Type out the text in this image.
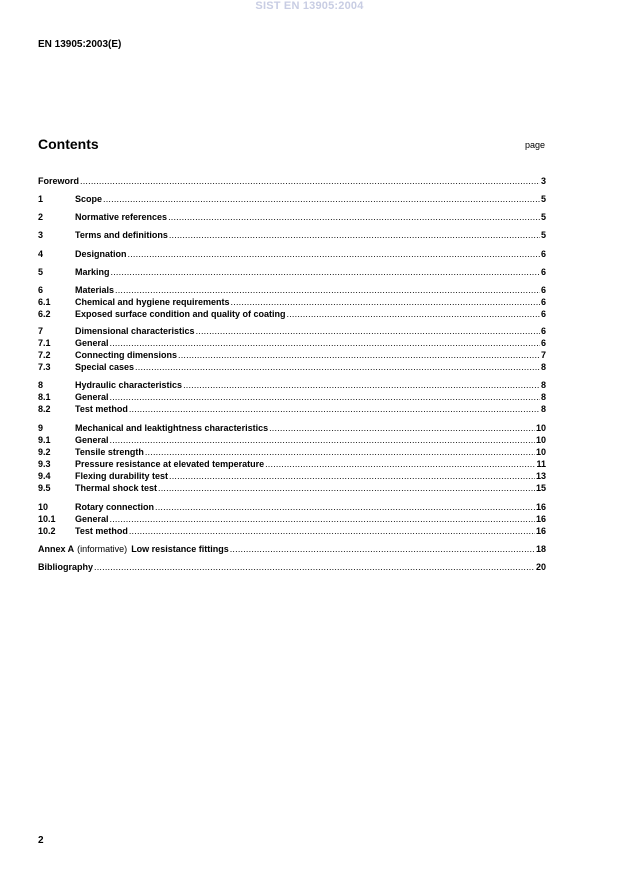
SIST EN 13905:2004
EN 13905:2003(E)
Contents	page
Foreword .....	3
1	Scope .....	5
2	Normative references .....	5
3	Terms and definitions .....	5
4	Designation .....	6
5	Marking .....	6
6	Materials .....	6
6.1	Chemical and hygiene requirements .....	6
6.2	Exposed surface condition and quality of coating .....	6
7	Dimensional characteristics .....	6
7.1	General .....	6
7.2	Connecting dimensions .....	7
7.3	Special cases .....	8
8	Hydraulic characteristics .....	8
8.1	General .....	8
8.2	Test method .....	8
9	Mechanical and leaktightness characteristics .....	10
9.1	General .....	10
9.2	Tensile strength .....	10
9.3	Pressure resistance at elevated temperature .....	11
9.4	Flexing durability test .....	13
9.5	Thermal shock test .....	15
10	Rotary connection .....	16
10.1	General .....	16
10.2	Test method .....	16
Annex A (informative) Low resistance fittings .....	18
Bibliography .....	20
2
